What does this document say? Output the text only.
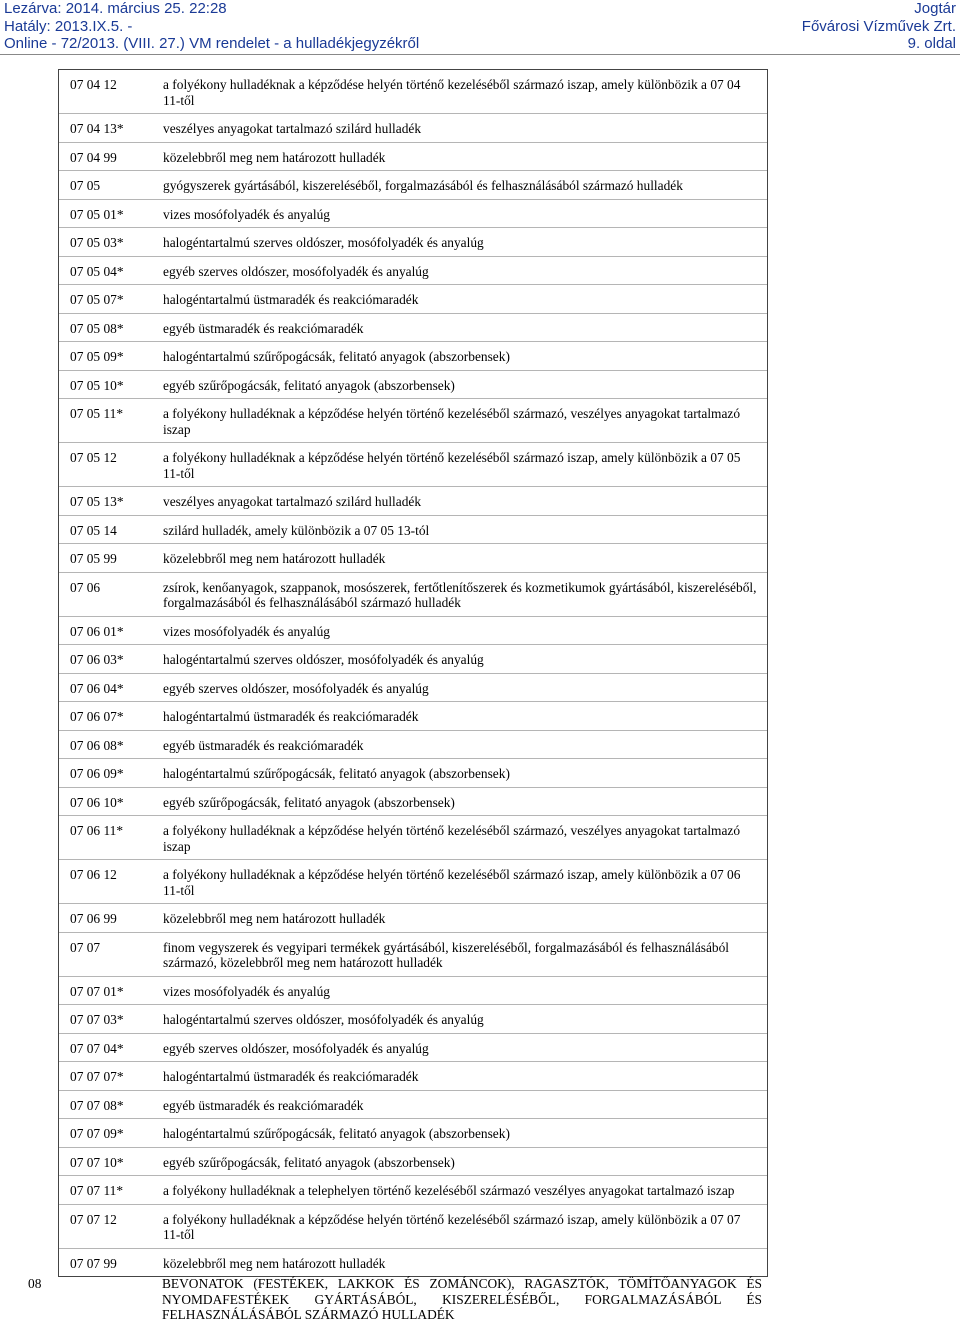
Lezárva: 2014. március 25. 22:28
Hatály: 2013.IX.5. -
Online - 72/2013. (VIII. 27.) VM rendelet - a hulladékjegyzékről
Jogtár
Fővárosi Vízművek Zrt.
9. oldal
07 04 12	a folyékony hulladéknak a képződése helyén történő kezeléséből származó iszap, amely különbözik a 07 04 11-től
07 04 13*	veszélyes anyagokat tartalmazó szilárd hulladék
07 04 99	közelebbről meg nem határozott hulladék
07 05	gyógyszerek gyártásából, kiszereléséből, forgalmazásából és felhasználásából származó hulladék
07 05 01*	vizes mosófolyadék és anyalúg
07 05 03*	halogéntartalmú szerves oldószer, mosófolyadék és anyalúg
07 05 04*	egyéb szerves oldószer, mosófolyadék és anyalúg
07 05 07*	halogéntartalmú üstmaradék és reakciómaradék
07 05 08*	egyéb üstmaradék és reakciómaradék
07 05 09*	halogéntartalmú szűrőpogácsák, felitató anyagok (abszorbensek)
07 05 10*	egyéb szűrőpogácsák, felitató anyagok (abszorbensek)
07 05 11*	a folyékony hulladéknak a képződése helyén történő kezeléséből származó, veszélyes anyagokat tartalmazó iszap
07 05 12	a folyékony hulladéknak a képződése helyén történő kezeléséből származó iszap, amely különbözik a 07 05 11-től
07 05 13*	veszélyes anyagokat tartalmazó szilárd hulladék
07 05 14	szilárd hulladék, amely különbözik a 07 05 13-tól
07 05 99	közelebbről meg nem határozott hulladék
07 06	zsírok, kenőanyagok, szappanok, mosószerek, fertőtlenítőszerek és kozmetikumok gyártásából, kiszereléséből, forgalmazásából és felhasználásából származó hulladék
07 06 01*	vizes mosófolyadék és anyalúg
07 06 03*	halogéntartalmú szerves oldószer, mosófolyadék és anyalúg
07 06 04*	egyéb szerves oldószer, mosófolyadék és anyalúg
07 06 07*	halogéntartalmú üstmaradék és reakciómaradék
07 06 08*	egyéb üstmaradék és reakciómaradék
07 06 09*	halogéntartalmú szűrőpogácsák, felitató anyagok (abszorbensek)
07 06 10*	egyéb szűrőpogácsák, felitató anyagok (abszorbensek)
07 06 11*	a folyékony hulladéknak a képződése helyén történő kezeléséből származó, veszélyes anyagokat tartalmazó iszap
07 06 12	a folyékony hulladéknak a képződése helyén történő kezeléséből származó iszap, amely különbözik a 07 06 11-től
07 06 99	közelebbről meg nem határozott hulladék
07 07	finom vegyszerek és vegyipari termékek gyártásából, kiszereléséből, forgalmazásából és felhasználásából származó, közelebbről meg nem határozott hulladék
07 07 01*	vizes mosófolyadék és anyalúg
07 07 03*	halogéntartalmú szerves oldószer, mosófolyadék és anyalúg
07 07 04*	egyéb szerves oldószer, mosófolyadék és anyalúg
07 07 07*	halogéntartalmú üstmaradék és reakciómaradék
07 07 08*	egyéb üstmaradék és reakciómaradék
07 07 09*	halogéntartalmú szűrőpogácsák, felitató anyagok (abszorbensek)
07 07 10*	egyéb szűrőpogácsák, felitató anyagok (abszorbensek)
07 07 11*	a folyékony hulladéknak a telephelyen történő kezeléséből származó veszélyes anyagokat tartalmazó iszap
07 07 12	a folyékony hulladéknak a képződése helyén történő kezeléséből származó iszap, amely különbözik a 07 07 11-től
07 07 99	közelebbről meg nem határozott hulladék
08	BEVONATOK (FESTÉKEK, LAKKOK ÉS ZOMÁNCOK), RAGASZTÓK, TÖMÍTŐANYAGOK ÉS NYOMDAFESTÉKEK GYÁRTÁSÁBÓL, KISZERELÉSÉBŐL, FORGALMAZÁSÁBÓL ÉS FELHASZNÁLÁSÁBÓL SZÁRMAZÓ HULLADÉK
